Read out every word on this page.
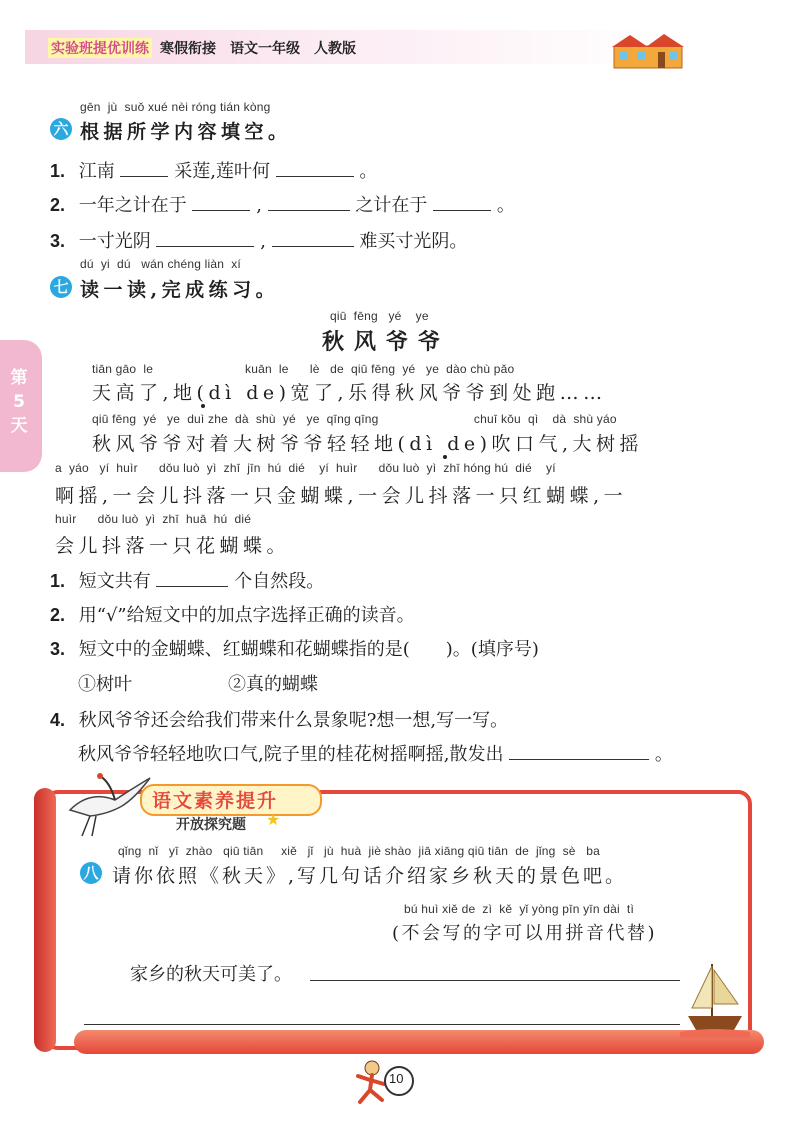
实验班提优训练 寒假衔接　语文一年级　人教版
第5天
gēn  jù  suǒ xué nèi róng tián kòng
六 根据所学内容填空。
1. 江南	采莲,莲叶何	。
2. 一年之计在于	,	之计在于	。
3. 一寸光阴	,	难买寸光阴。
dú  yi  dú   wán chéng liàn  xí
七 读一读,完成练习。
qiū  fēng   yé    ye
秋风爷爷
tiān gāo  le                          kuān  le      lè   de  qiū fēng  yé   ye  dào chù pǎo
天高了,地(dì de)宽了,乐得秋风爷爷到处跑……
qiū fēng  yé   ye  duì zhe  dà  shù  yé   ye  qīng qīng                           chuī kǒu  qì    dà  shù yáo
秋风爷爷对着大树爷爷轻轻地(dì de)吹口气,大树摇
a  yáo   yí  huìr      dǒu luò  yì  zhī  jīn  hú  dié    yí  huìr      dǒu luò  yì  zhī hóng hú  dié    yí
啊摇,一会儿抖落一只金蝴蝶,一会儿抖落一只红蝴蝶,一
huìr      dǒu luò  yì  zhī  huā  hú  dié
会儿抖落一只花蝴蝶。
1. 短文共有	个自然段。
2. 用“√”给短文中的加点字选择正确的读音。
3. 短文中的金蝴蝶、红蝴蝶和花蝴蝶指的是(　　)。(填序号)
①树叶	②真的蝴蝶
4. 秋风爷爷还会给我们带来什么景象呢?想一想,写一写。
秋风爷爷轻轻地吹口气,院子里的桂花树摇啊摇,散发出	。
语文素养提升
开放探究题 ★
qǐng  nǐ   yī  zhào   qiū tiān     xiě   jǐ   jù  huà  jiè shào  jiā xiāng qiū tiān  de  jǐng  sè   ba
八 请你依照《秋天》,写几句话介绍家乡秋天的景色吧。
bú huì xiě de  zì  kě  yǐ yòng pīn yīn dài  tì
(不会写的字可以用拼音代替)
家乡的秋天可美了。
10
